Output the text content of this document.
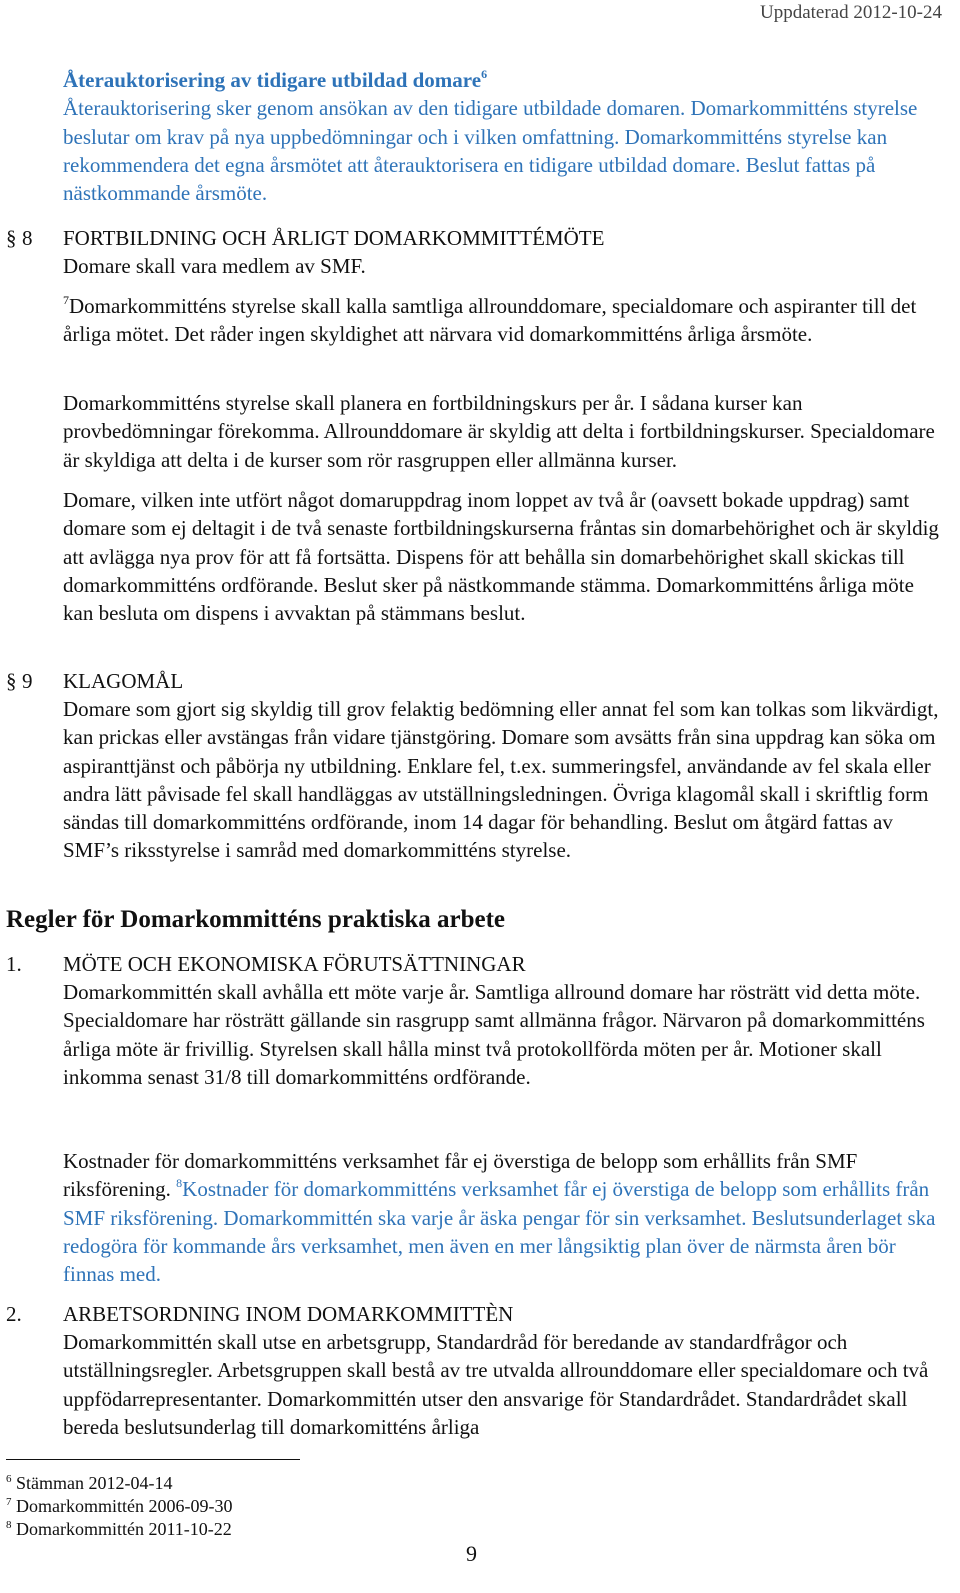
Uppdaterad 2012-10-24
Återauktorisering av tidigare utbildad domare$^6$
Återauktorisering sker genom ansökan av den tidigare utbildade domaren. Domarkommitténs styrelse beslutar om krav på nya uppbedömningar och i vilken omfattning. Domarkommitténs styrelse kan rekommendera det egna årsmötet att återauktorisera en tidigare utbildad domare. Beslut fattas på nästkommande årsmöte.
§ 8 FORTBILDNING OCH ÅRLIGT DOMARKOMMITTÉMÖTE
Domare skall vara medlem av SMF.
$^7$Domarkommitténs styrelse skall kalla samtliga allrounddomare, specialdomare och aspiranter till det årliga mötet. Det råder ingen skyldighet att närvara vid domarkommitténs årliga årsmöte.
Domarkommitténs styrelse skall planera en fortbildningskurs per år. I sådana kurser kan provbedömningar förekomma. Allrounddomare är skyldig att delta i fortbildningskurser. Specialdomare är skyldiga att delta i de kurser som rör rasgruppen eller allmänna kurser.
Domare, vilken inte utfört något domaruppdrag inom loppet av två år (oavsett bokade uppdrag) samt domare som ej deltagit i de två senaste fortbildningskurserna fråntas sin domarbehörighet och är skyldig att avlägga nya prov för att få fortsätta. Dispens för att behålla sin domarbehörighet skall skickas till domarkommitténs ordförande. Beslut sker på nästkommande stämma. Domarkommitténs årliga möte kan besluta om dispens i avvaktan på stämmans beslut.
§ 9 KLAGOMÅL
Domare som gjort sig skyldig till grov felaktig bedömning eller annat fel som kan tolkas som likvärdigt, kan prickas eller avstängas från vidare tjänstgöring. Domare som avsätts från sina uppdrag kan söka om aspiranttjänst och påbörja ny utbildning. Enklare fel, t.ex. summeringsfel, användande av fel skala eller andra lätt påvisade fel skall handläggas av utställningsledningen. Övriga klagomål skall i skriftlig form sändas till domarkommitténs ordförande, inom 14 dagar för behandling. Beslut om åtgärd fattas av SMF’s riksstyrelse i samråd med domarkommitténs styrelse.
Regler för Domarkommitténs praktiska arbete
1. MÖTE OCH EKONOMISKA FÖRUTSÄTTNINGAR
Domarkommittén skall avhålla ett möte varje år. Samtliga allround domare har rösträtt vid detta möte. Specialdomare har rösträtt gällande sin rasgrupp samt allmänna frågor. Närvaron på domarkommitténs årliga möte är frivillig. Styrelsen skall hålla minst två protokollförda möten per år. Motioner skall inkomma senast 31/8 till domarkommitténs ordförande.
Kostnader för domarkommitténs verksamhet får ej överstiga de belopp som erhållits från SMF riksförening. $^8$Kostnader för domarkommitténs verksamhet får ej överstiga de belopp som erhållits från SMF riksförening. Domarkommittén ska varje år äska pengar för sin verksamhet. Beslutsunderlaget ska redogöra för kommande års verksamhet, men även en mer långsiktig plan över de närmsta åren bör finnas med.
2. ARBETSORDNING INOM DOMARKOMMITTÈN
Domarkommittén skall utse en arbetsgrupp, Standardråd för beredande av standardfrågor och utställningsregler. Arbetsgruppen skall bestå av tre utvalda allrounddomare eller specialdomare och två uppfödarrepresentanter. Domarkommittén utser den ansvarige för Standardrådet. Standardrådet skall bereda beslutsunderlag till domarkomitténs årliga
$^6$ Stämman 2012-04-14
$^7$ Domarkommittén 2006-09-30
$^8$ Domarkommittén 2011-10-22
9
